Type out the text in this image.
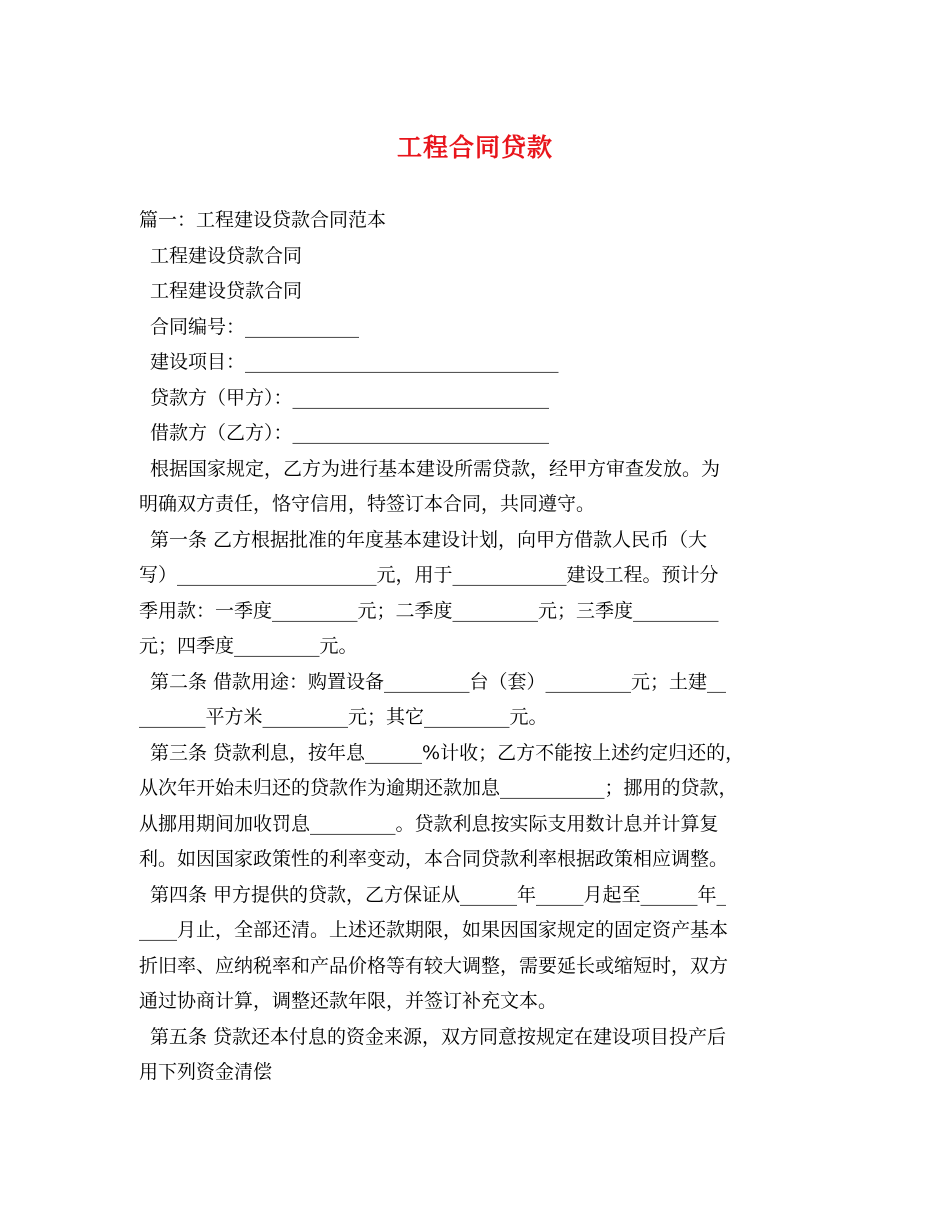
工程合同贷款
篇一：工程建设贷款合同范本
工程建设贷款合同
工程建设贷款合同
合同编号：____________
建设项目：_________________________________
贷款方（甲方）：___________________________
借款方（乙方）：___________________________
根据国家规定，乙方为进行基本建设所需贷款，经甲方审查发放。为
明确双方责任，恪守信用，特签订本合同，共同遵守。
第一条 乙方根据批准的年度基本建设计划，向甲方借款人民币（大
写）_____________________元，用于____________建设工程。预计分
季用款：一季度_________元；二季度_________元；三季度_________
元；四季度_________元。
第二条 借款用途：购置设备_________台（套）_________元；土建__
_______平方米_________元；其它_________元。
第三条 贷款利息，按年息______%计收；乙方不能按上述约定归还的，
从次年开始未归还的贷款作为逾期还款加息___________；挪用的贷款，
从挪用期间加收罚息_________。贷款利息按实际支用数计息并计算复
利。如因国家政策性的利率变动，本合同贷款利率根据政策相应调整。
第四条 甲方提供的贷款，乙方保证从______年_____月起至______年_
____月止，全部还清。上述还款期限，如果因国家规定的固定资产基本
折旧率、应纳税率和产品价格等有较大调整，需要延长或缩短时，双方
通过协商计算，调整还款年限，并签订补充文本。
第五条 贷款还本付息的资金来源，双方同意按规定在建设项目投产后
用下列资金清偿
